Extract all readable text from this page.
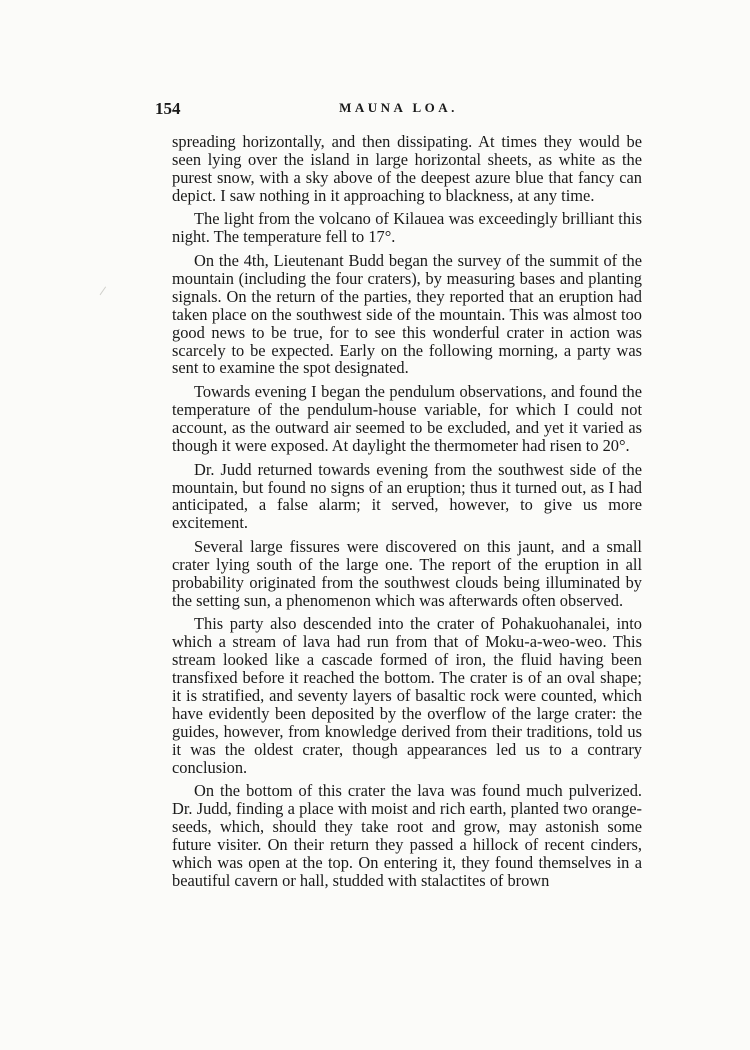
154	MAUNA LOA.

spreading horizontally, and then dissipating. At times they would be seen lying over the island in large horizontal sheets, as white as the purest snow, with a sky above of the deepest azure blue that fancy can depict. I saw nothing in it approaching to blackness, at any time.

The light from the volcano of Kilauea was exceedingly brilliant this night. The temperature fell to 17°.

On the 4th, Lieutenant Budd began the survey of the summit of the mountain (including the four craters), by measuring bases and planting signals. On the return of the parties, they reported that an eruption had taken place on the southwest side of the mountain. This was almost too good news to be true, for to see this wonderful crater in action was scarcely to be expected. Early on the following morning, a party was sent to examine the spot designated.

Towards evening I began the pendulum observations, and found the temperature of the pendulum-house variable, for which I could not account, as the outward air seemed to be excluded, and yet it varied as though it were exposed. At daylight the thermometer had risen to 20°.

Dr. Judd returned towards evening from the southwest side of the mountain, but found no signs of an eruption; thus it turned out, as I had anticipated, a false alarm; it served, however, to give us more excitement.

Several large fissures were discovered on this jaunt, and a small crater lying south of the large one. The report of the eruption in all probability originated from the southwest clouds being illuminated by the setting sun, a phenomenon which was afterwards often observed.

This party also descended into the crater of Pohakuohanalei, into which a stream of lava had run from that of Moku-a-weo-weo. This stream looked like a cascade formed of iron, the fluid having been transfixed before it reached the bottom. The crater is of an oval shape; it is stratified, and seventy layers of basaltic rock were counted, which have evidently been deposited by the overflow of the large crater: the guides, however, from knowledge derived from their traditions, told us it was the oldest crater, though appearances led us to a contrary conclusion.

On the bottom of this crater the lava was found much pulverized. Dr. Judd, finding a place with moist and rich earth, planted two orange-seeds, which, should they take root and grow, may astonish some future visiter. On their return they passed a hillock of recent cinders, which was open at the top. On entering it, they found themselves in a beautiful cavern or hall, studded with stalactites of brown
